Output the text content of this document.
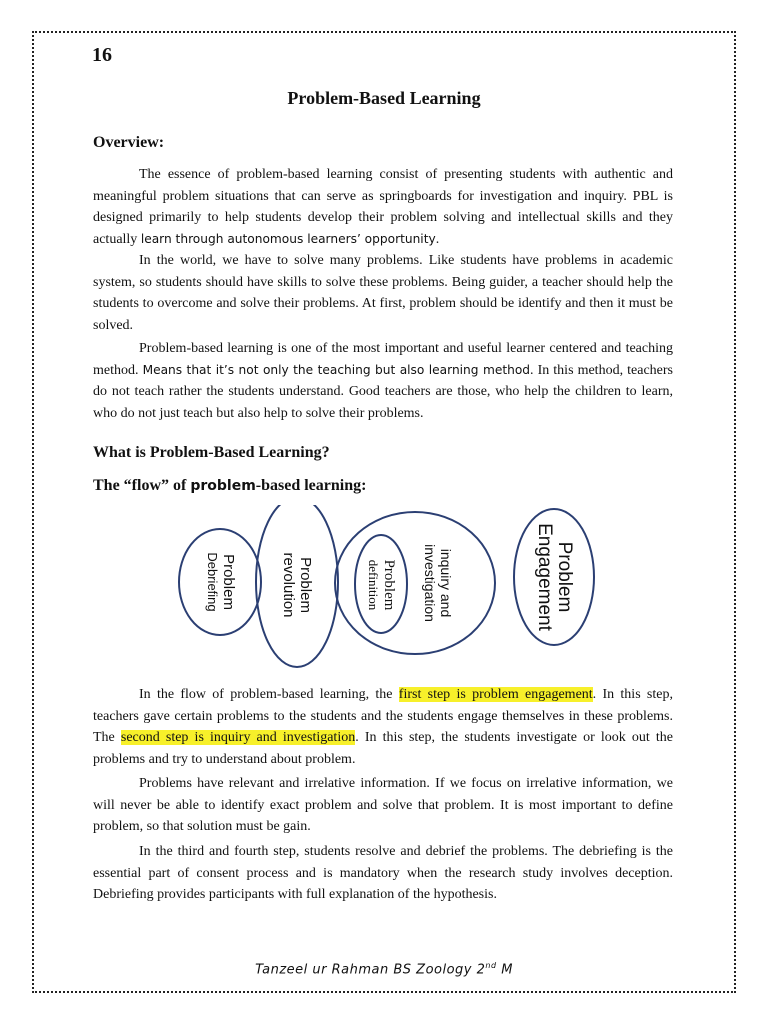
16
Problem-Based Learning
Overview:

The essence of problem-based learning consist of presenting students with authentic and meaningful problem situations that can serve as springboards for investigation and inquiry. PBL is designed primarily to help students develop their problem solving and intellectual skills and they actually learn through autonomous learners’ opportunity.

In the world, we have to solve many problems. Like students have problems in academic system, so students should have skills to solve these problems. Being guider, a teacher should help the students to overcome and solve their problems. At first, problem should be identify and then it must be solved.

Problem-based learning is one of the most important and useful learner centered and teaching method. Means that it’s not only the teaching but also learning method. In this method, teachers do not teach rather the students understand. Good teachers are those, who help the children to learn, who do not just teach but also help to solve their problems.

What is Problem-Based Learning?
The “flow” of problem-based learning:
Problem
Debriefing	Problem
revolution	Problem
definition	inquiry and
investigation	Problem
Engagement

In the flow of problem-based learning, the first step is problem engagement. In this step, teachers gave certain problems to the students and the students engage themselves in these problems. The second step is inquiry and investigation. In this step, the students investigate or look out the problems and try to understand about problem.

Problems have relevant and irrelative information. If we focus on irrelative information, we will never be able to identify exact problem and solve that problem. It is most important to define problem, so that solution must be gain.

In the third and fourth step, students resolve and debrief the problems. The debriefing is the essential part of consent process and is mandatory when the research study involves deception. Debriefing provides participants with full explanation of the hypothesis.

Tanzeel ur Rahman BS Zoology 2nd M
